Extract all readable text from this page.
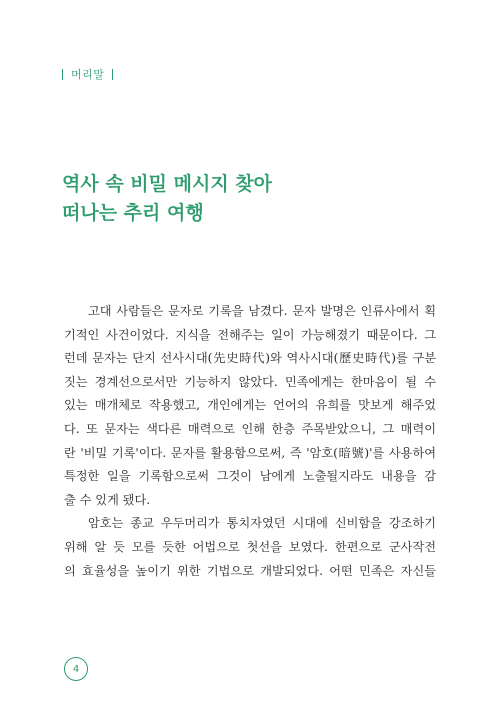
머리말
역사 속 비밀 메시지 찾아
떠나는 추리 여행
고대 사람들은 문자로 기록을 남겼다. 문자 발명은 인류사에서 획
기적인 사건이었다. 지식을 전해주는 일이 가능해졌기 때문이다. 그
런데 문자는 단지 선사시대(先史時代)와 역사시대(歷史時代)를 구분
짓는 경계선으로서만 기능하지 않았다. 민족에게는 한마음이 될 수
있는 매개체로 작용했고, 개인에게는 언어의 유희를 맛보게 해주었
다. 또 문자는 색다른 매력으로 인해 한층 주목받았으니, 그 매력이
란 '비밀 기록'이다. 문자를 활용함으로써, 즉 '암호(暗號)'를 사용하여
특정한 일을 기록함으로써 그것이 남에게 노출될지라도 내용을 감
출 수 있게 됐다.
암호는 종교 우두머리가 통치자였던 시대에 신비함을 강조하기
위해 알 듯 모를 듯한 어법으로 첫선을 보였다. 한편으로 군사작전
의 효율성을 높이기 위한 기법으로 개발되었다. 어떤 민족은 자신들
4
